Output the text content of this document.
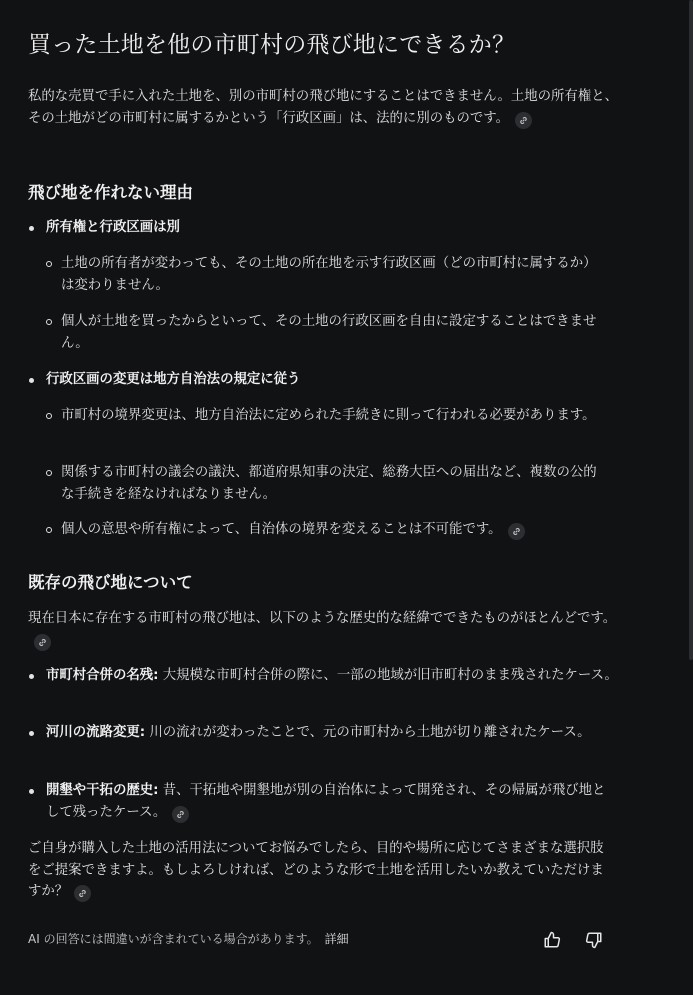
買った土地を他の市町村の飛び地にできるか？
私的な売買で手に入れた土地を、別の市町村の飛び地にすることはできません。土地の所有権と、その土地がどの市町村に属するかという「行政区画」は、法的に別のものです。
飛び地を作れない理由
所有権と行政区画は別
土地の所有者が変わっても、その土地の所在地を示す行政区画（どの市町村に属するか）は変わりません。
個人が土地を買ったからといって、その土地の行政区画を自由に設定することはできません。
行政区画の変更は地方自治法の規定に従う
市町村の境界変更は、地方自治法に定められた手続きに則って行われる必要があります。
関係する市町村の議会の議決、都道府県知事の決定、総務大臣への届出など、複数の公的な手続きを経なければなりません。
個人の意思や所有権によって、自治体の境界を変えることは不可能です。
既存の飛び地について
現在日本に存在する市町村の飛び地は、以下のような歴史的な経緯でできたものがほとんどです。
市町村合併の名残: 大規模な市町村合併の際に、一部の地域が旧市町村のまま残されたケース。
河川の流路変更: 川の流れが変わったことで、元の市町村から土地が切り離されたケース。
開墾や干拓の歴史: 昔、干拓地や開墾地が別の自治体によって開発され、その帰属が飛び地として残ったケース。
ご自身が購入した土地の活用法についてお悩みでしたら、目的や場所に応じてさまざまな選択肢をご提案できますよ。もしよろしければ、どのような形で土地を活用したいか教えていただけますか？
AI の回答には間違いが含まれている場合があります。 詳細
